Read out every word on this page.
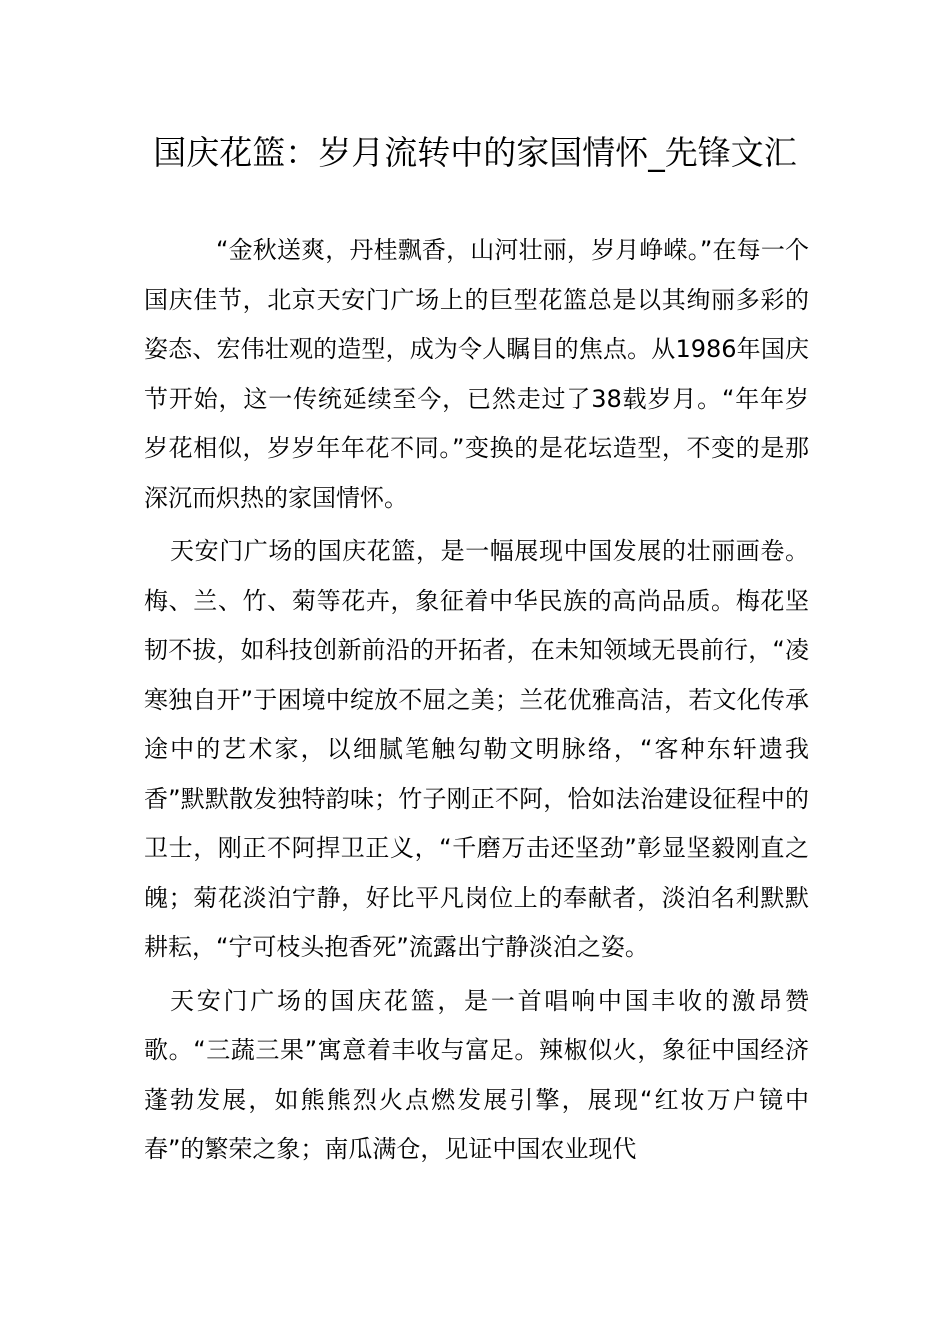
国庆花篮：岁月流转中的家国情怀_先锋文汇

“金秋送爽，丹桂飘香，山河壮丽，岁月峥嵘。”在每一个国庆佳节，北京天安门广场上的巨型花篮总是以其绚丽多彩的姿态、宏伟壮观的造型，成为令人瞩目的焦点。从1986年国庆节开始，这一传统延续至今，已然走过了38载岁月。“年年岁岁花相似，岁岁年年花不同。”变换的是花坛造型，不变的是那深沉而炽热的家国情怀。

天安门广场的国庆花篮，是一幅展现中国发展的壮丽画卷。梅、兰、竹、菊等花卉，象征着中华民族的高尚品质。梅花坚韧不拔，如科技创新前沿的开拓者，在未知领域无畏前行，“凌寒独自开”于困境中绽放不屈之美；兰花优雅高洁，若文化传承途中的艺术家，以细腻笔触勾勒文明脉络，“客种东轩遗我香”默默散发独特韵味；竹子刚正不阿，恰如法治建设征程中的卫士，刚正不阿捍卫正义，“千磨万击还坚劲”彰显坚毅刚直之魄；菊花淡泊宁静，好比平凡岗位上的奉献者，淡泊名利默默耕耘，“宁可枝头抱香死”流露出宁静淡泊之姿。

天安门广场的国庆花篮，是一首唱响中国丰收的激昂赞歌。“三蔬三果”寓意着丰收与富足。辣椒似火，象征中国经济蓬勃发展，如熊熊烈火点燃发展引擎，展现“红妆万户镜中春”的繁荣之象；南瓜满仓，见证中国农业现代
